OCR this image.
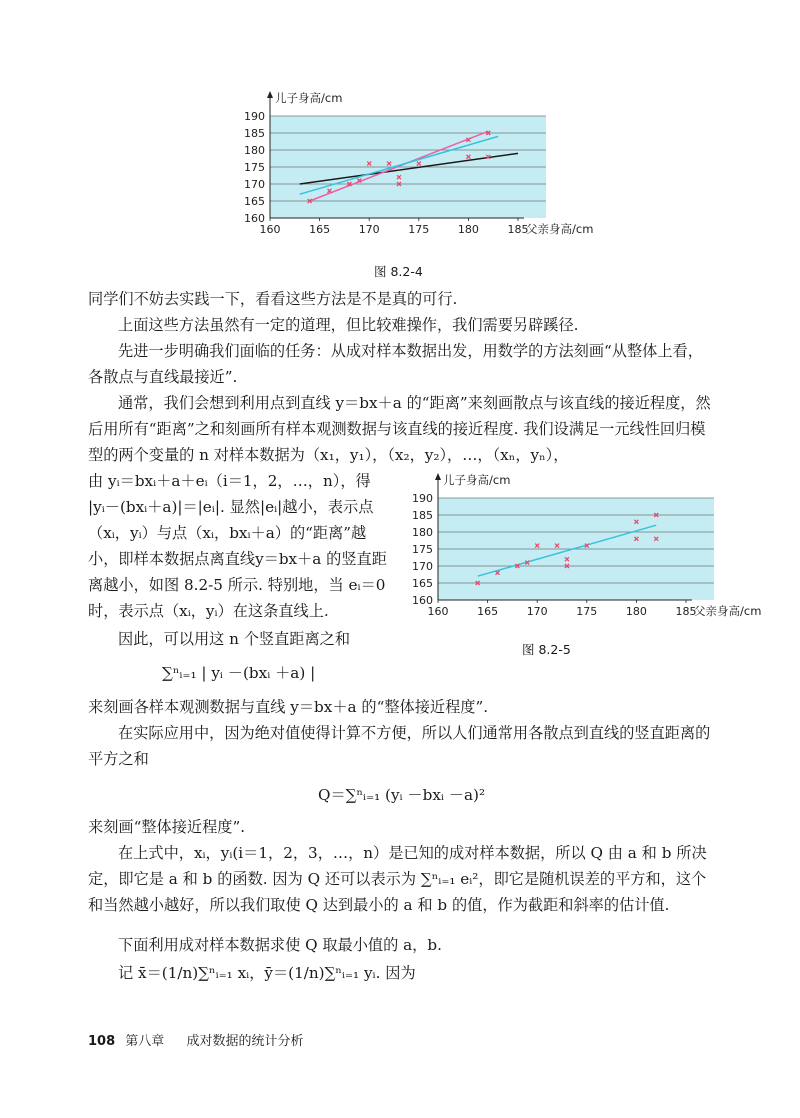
160
165
170
175
180
185
190
160	165	170	175	180	185
儿子身高/cm
父亲身高/cm
图 8.2-4

同学们不妨去实践一下，看看这些方法是不是真的可行.

上面这些方法虽然有一定的道理，但比较难操作，我们需要另辟蹊径.

先进一步明确我们面临的任务：从成对样本数据出发，用数学的方法刻画“从整体上看，各散点与直线最接近”.

通常，我们会想到利用点到直线 y＝bx＋a 的“距离”来刻画散点与该直线的接近程度，然后用所有“距离”之和刻画所有样本观测数据与该直线的接近程度. 我们设满足一元线性回归模型的两个变量的 n 对样本数据为（x₁，y₁），（x₂，y₂），…，（xₙ，yₙ），

由 yᵢ＝bxᵢ＋a＋eᵢ（i＝1，2，…，n），得 |yᵢ－(bxᵢ＋a)|＝|eᵢ|. 显然|eᵢ|越小，表示点（xᵢ，yᵢ）与点（xᵢ，bxᵢ＋a）的“距离”越小，即样本数据点离直线y＝bx＋a 的竖直距离越小，如图 8.2-5 所示. 特别地，当 eᵢ＝0 时，表示点（xᵢ，yᵢ）在这条直线上.

160
165
170
175
180
185
190
160	165	170	175	180	185
儿子身高/cm
父亲身高/cm
图 8.2-5

因此，可以用这 n 个竖直距离之和

∑ⁿᵢ₌₁ | yᵢ －(bxᵢ ＋a) |

来刻画各样本观测数据与直线 y＝bx＋a 的“整体接近程度”.

在实际应用中，因为绝对值使得计算不方便，所以人们通常用各散点到直线的竖直距离的平方之和

Q＝∑ⁿᵢ₌₁ (yᵢ －bxᵢ －a)²

来刻画“整体接近程度”.

在上式中，xᵢ，yᵢ(i＝1，2，3，…，n）是已知的成对样本数据，所以 Q 由 a 和 b 所决定，即它是 a 和 b 的函数. 因为 Q 还可以表示为 ∑ⁿᵢ₌₁ eᵢ²，即它是随机误差的平方和，这个和当然越小越好，所以我们取使 Q 达到最小的 a 和 b 的值，作为截距和斜率的估计值.

下面利用成对样本数据求使 Q 取最小值的 a，b.

记 x̄＝(1/n)∑ⁿᵢ₌₁ xᵢ，ȳ＝(1/n)∑ⁿᵢ₌₁ yᵢ. 因为

108 第八章 成对数据的统计分析
